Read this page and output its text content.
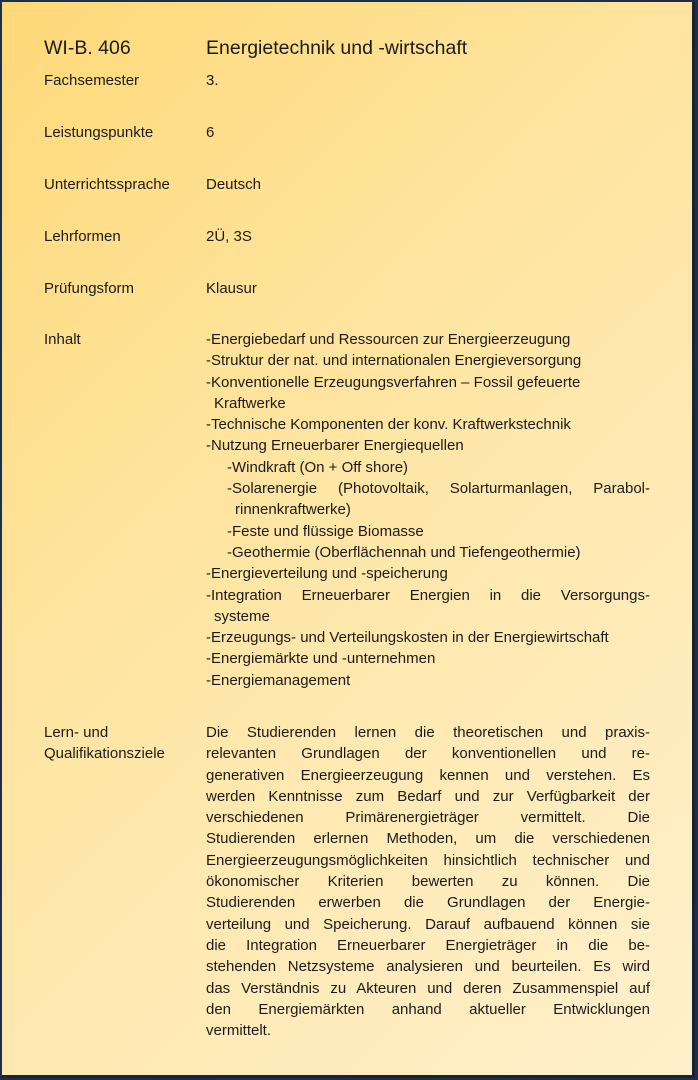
WI-B. 406	Energietechnik und -wirtschaft
Fachsemester	3.
Leistungspunkte	6
Unterrichtssprache Deutsch
Lehrformen	2Ü, 3S
Prüfungsform	Klausur
Inhalt	-Energiebedarf und Ressourcen zur Energieerzeugung
-Struktur der nat. und internationalen Energieversorgung
-Konventionelle Erzeugungsverfahren – Fossil gefeuerte
Kraftwerke
-Technische Komponenten der konv. Kraftwerkstechnik
-Nutzung Erneuerbarer Energiequellen
-Windkraft (On + Off shore)
-Solarenergie (Photovoltaik, Solarturmanlagen, Parabol-
rinnenkraftwerke)
-Feste und flüssige Biomasse
-Geothermie (Oberflächennah und Tiefengeothermie)
-Energieverteilung und -speicherung
-Integration Erneuerbarer Energien in die Versorgungs-
systeme
-Erzeugungs- und Verteilungskosten in der Energiewirtschaft
-Energiemärkte und -unternehmen
-Energiemanagement
Lern- und
Qualifikationsziele
Die Studierenden lernen die theoretischen und praxis-
relevanten Grundlagen der konventionellen und re-
generativen Energieerzeugung kennen und verstehen. Es
werden Kenntnisse zum Bedarf und zur Verfügbarkeit der
verschiedenen Primärenergieträger vermittelt. Die
Studierenden erlernen Methoden, um die verschiedenen
Energieerzeugungsmöglichkeiten hinsichtlich technischer und
ökonomischer Kriterien bewerten zu können. Die
Studierenden erwerben die Grundlagen der Energie-
verteilung und Speicherung. Darauf aufbauend können sie
die Integration Erneuerbarer Energieträger in die be-
stehenden Netzsysteme analysieren und beurteilen. Es wird
das Verständnis zu Akteuren und deren Zusammenspiel auf
den Energiemärkten anhand aktueller Entwicklungen
vermittelt.
